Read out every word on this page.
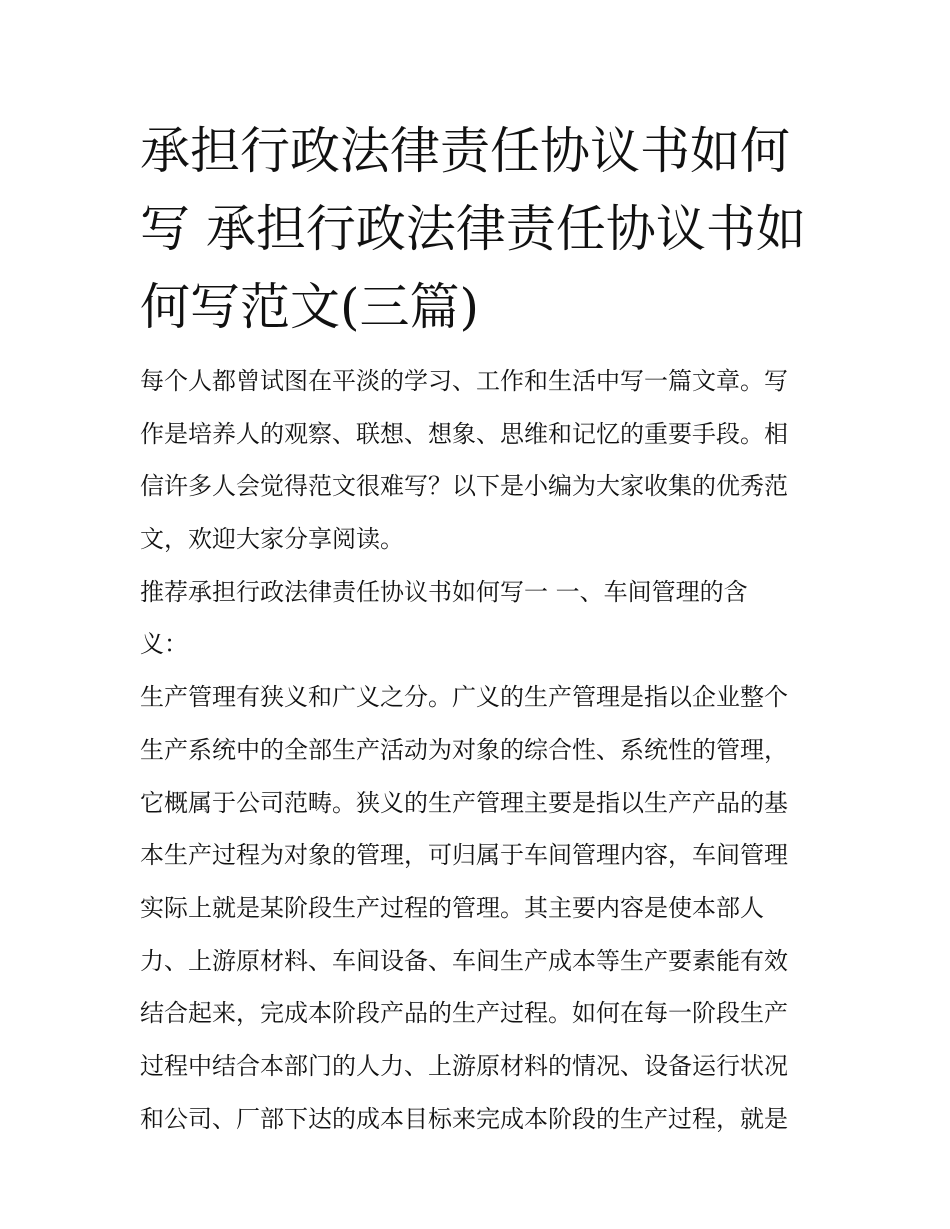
承担行政法律责任协议书如何
写 承担行政法律责任协议书如
何写范文(三篇)
每个人都曾试图在平淡的学习、工作和生活中写一篇文章。写
作是培养人的观察、联想、想象、思维和记忆的重要手段。相
信许多人会觉得范文很难写？以下是小编为大家收集的优秀范
文，欢迎大家分享阅读。
推荐承担行政法律责任协议书如何写一 一、车间管理的含
义：
生产管理有狭义和广义之分。广义的生产管理是指以企业整个
生产系统中的全部生产活动为对象的综合性、系统性的管理，
它概属于公司范畴。狭义的生产管理主要是指以生产产品的基
本生产过程为对象的管理，可归属于车间管理内容，车间管理
实际上就是某阶段生产过程的管理。其主要内容是使本部人
力、上游原材料、车间设备、车间生产成本等生产要素能有效
结合起来，完成本阶段产品的生产过程。如何在每一阶段生产
过程中结合本部门的人力、上游原材料的情况、设备运行状况
和公司、厂部下达的成本目标来完成本阶段的生产过程，就是
